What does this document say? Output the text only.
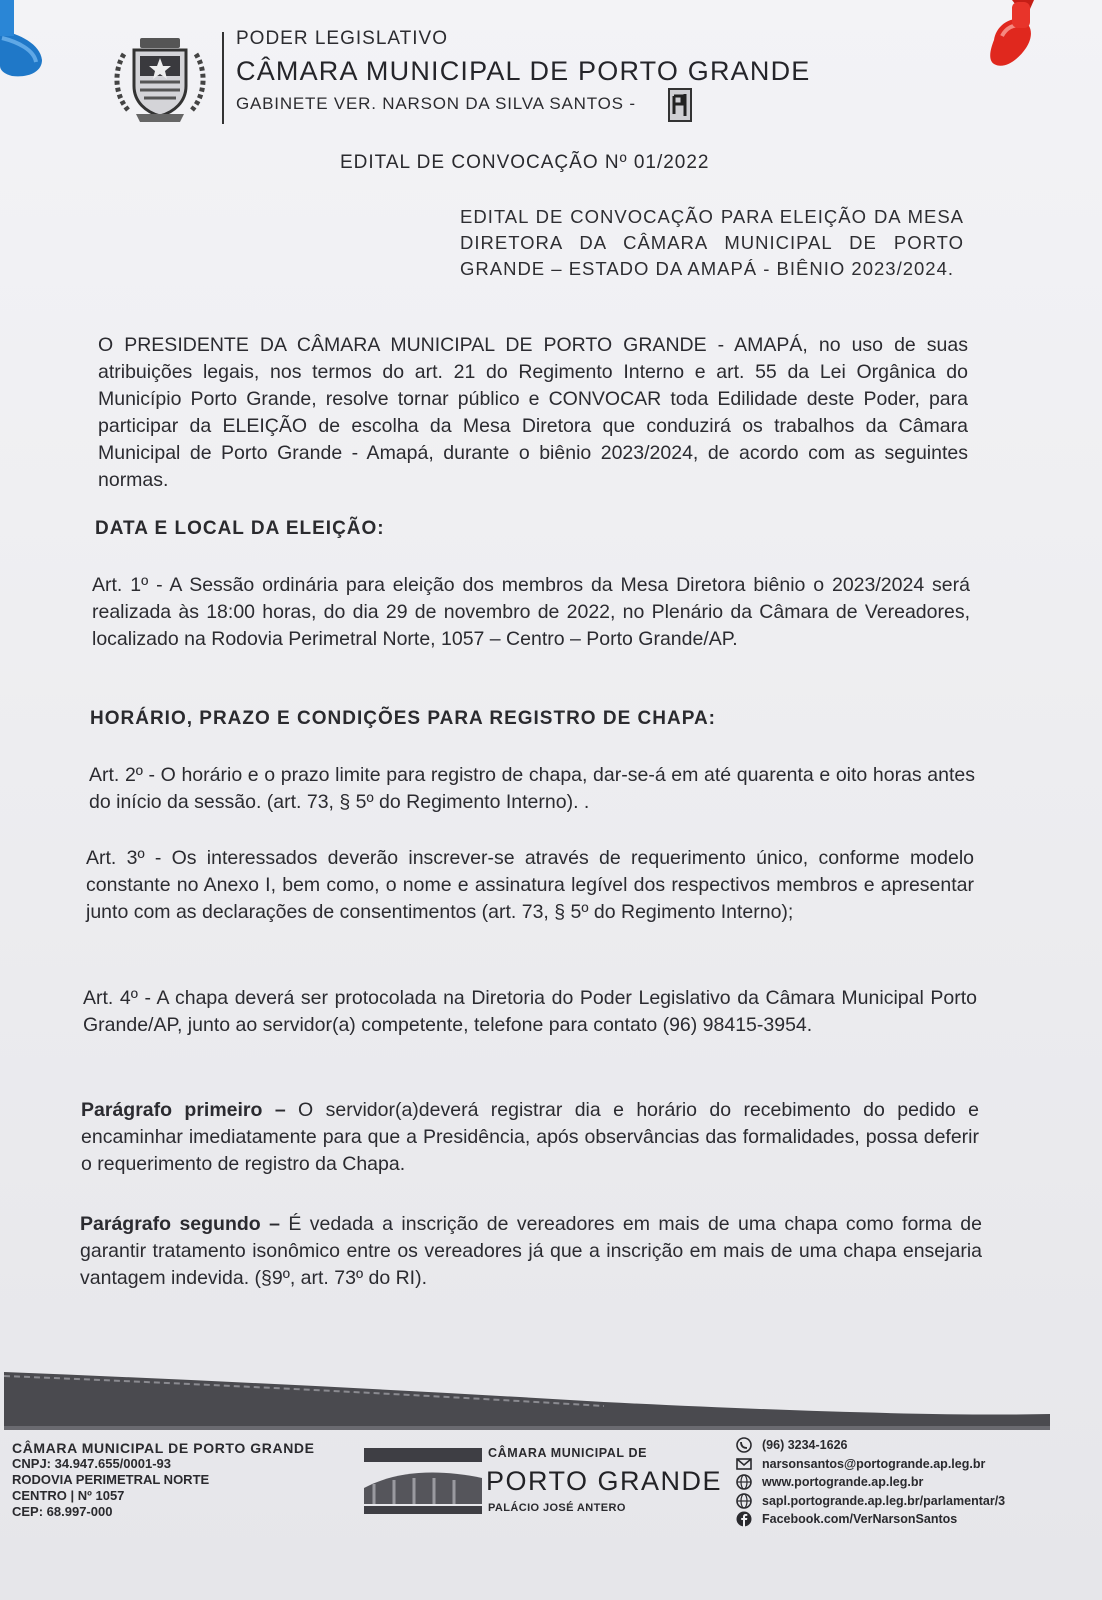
PODER LEGISLATIVO
CÂMARA MUNICIPAL DE PORTO GRANDE
GABINETE VER. NARSON DA SILVA SANTOS -
EDITAL DE CONVOCAÇÃO Nº 01/2022
EDITAL DE CONVOCAÇÃO PARA ELEIÇÃO DA MESA DIRETORA DA CÂMARA MUNICIPAL DE PORTO GRANDE – ESTADO DA AMAPÁ - BIÊNIO 2023/2024.
O PRESIDENTE DA CÂMARA MUNICIPAL DE PORTO GRANDE - AMAPÁ, no uso de suas atribuições legais, nos termos do art. 21 do Regimento Interno e art. 55 da Lei Orgânica do Município Porto Grande, resolve tornar público e CONVOCAR toda Edilidade deste Poder, para participar da ELEIÇÃO de escolha da Mesa Diretora que conduzirá os trabalhos da Câmara Municipal de Porto Grande - Amapá, durante o biênio 2023/2024, de acordo com as seguintes normas.
DATA E LOCAL DA ELEIÇÃO:
Art. 1º - A Sessão ordinária para eleição dos membros da Mesa Diretora biênio o 2023/2024 será realizada às 18:00 horas, do dia 29 de novembro de 2022, no Plenário da Câmara de Vereadores, localizado na Rodovia Perimetral Norte, 1057 – Centro – Porto Grande/AP.
HORÁRIO, PRAZO E CONDIÇÕES PARA REGISTRO DE CHAPA:
Art. 2º - O horário e o prazo limite para registro de chapa, dar-se-á em até quarenta e oito horas antes do início da sessão. (art. 73, § 5º do Regimento Interno). .
Art. 3º - Os interessados deverão inscrever-se através de requerimento único, conforme modelo constante no Anexo I, bem como, o nome e assinatura legível dos respectivos membros e apresentar junto com as declarações de consentimentos (art. 73, § 5º do Regimento Interno);
Art. 4º - A chapa deverá ser protocolada na Diretoria do Poder Legislativo da Câmara Municipal Porto Grande/AP, junto ao servidor(a) competente, telefone para contato (96) 98415-3954.
Parágrafo primeiro – O servidor(a)deverá registrar dia e horário do recebimento do pedido e encaminhar imediatamente para que a Presidência, após observâncias das formalidades, possa deferir o requerimento de registro da Chapa.
Parágrafo segundo – É vedada a inscrição de vereadores em mais de uma chapa como forma de garantir tratamento isonômico entre os vereadores já que a inscrição em mais de uma chapa ensejaria vantagem indevida. (§9º, art. 73º do RI).
CÂMARA MUNICIPAL DE PORTO GRANDE
CNPJ: 34.947.655/0001-93
RODOVIA PERIMETRAL NORTE
CENTRO | Nº 1057
CEP: 68.997-000
CÂMARA MUNICIPAL DE
PORTO GRANDE
PALÁCIO JOSÉ ANTERO
(96) 3234-1626
narsonsantos@portogrande.ap.leg.br
www.portogrande.ap.leg.br
sapl.portogrande.ap.leg.br/parlamentar/3
Facebook.com/VerNarsonSantos
